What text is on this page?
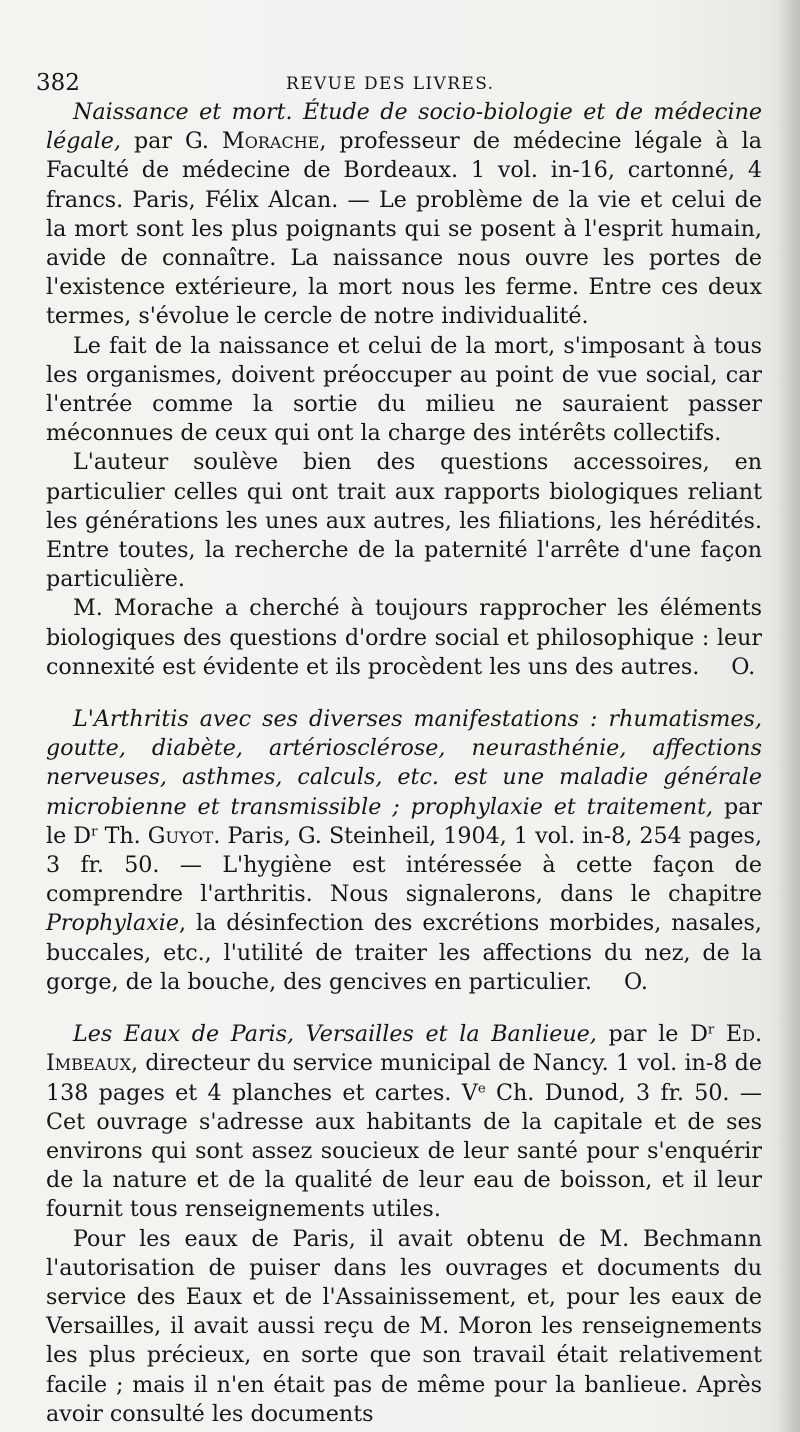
382	REVUE DES LIVRES.

Naissance et mort. Étude de socio-biologie et de médecine légale, par G. Morache, professeur de médecine légale à la Faculté de médecine de Bordeaux. 1 vol. in-16, cartonné, 4 francs. Paris, Félix Alcan. — Le problème de la vie et celui de la mort sont les plus poignants qui se posent à l'esprit humain, avide de connaître. La naissance nous ouvre les portes de l'existence extérieure, la mort nous les ferme. Entre ces deux termes, s'évolue le cercle de notre individualité.

Le fait de la naissance et celui de la mort, s'imposant à tous les organismes, doivent préoccuper au point de vue social, car l'entrée comme la sortie du milieu ne sauraient passer méconnues de ceux qui ont la charge des intérêts collectifs.

L'auteur soulève bien des questions accessoires, en particulier celles qui ont trait aux rapports biologiques reliant les générations les unes aux autres, les filiations, les hérédités. Entre toutes, la recherche de la paternité l'arrête d'une façon particulière.

M. Morache a cherché à toujours rapprocher les éléments biologiques des questions d'ordre social et philosophique : leur connexité est évidente et ils procèdent les uns des autres. O.

L'Arthritis avec ses diverses manifestations : rhumatismes, goutte, diabète, artériosclérose, neurasthénie, affections nerveuses, asthmes, calculs, etc. est une maladie générale microbienne et transmissible ; prophylaxie et traitement, par le $D^r$ Th. Guyot. Paris, G. Steinheil, 1904, 1 vol. in-8, 254 pages, 3 fr. 50. — L'hygiène est intéressée à cette façon de comprendre l'arthritis. Nous signalerons, dans le chapitre Prophylaxie, la désinfection des excrétions morbides, nasales, buccales, etc., l'utilité de traiter les affections du nez, de la gorge, de la bouche, des gencives en particulier. O.

Les Eaux de Paris, Versailles et la Banlieue, par le $D^r$ Ed. Imbeaux, directeur du service municipal de Nancy. 1 vol. in-8 de 138 pages et 4 planches et cartes. Ve Ch. Dunod, 3 fr. 50. — Cet ouvrage s'adresse aux habitants de la capitale et de ses environs qui sont assez soucieux de leur santé pour s'enquérir de la nature et de la qualité de leur eau de boisson, et il leur fournit tous renseignements utiles.

Pour les eaux de Paris, il avait obtenu de M. Bechmann l'autorisation de puiser dans les ouvrages et documents du service des Eaux et de l'Assainissement, et, pour les eaux de Versailles, il avait aussi reçu de M. Moron les renseignements les plus précieux, en sorte que son travail était relativement facile ; mais il n'en était pas de même pour la banlieue. Après avoir consulté les documents
